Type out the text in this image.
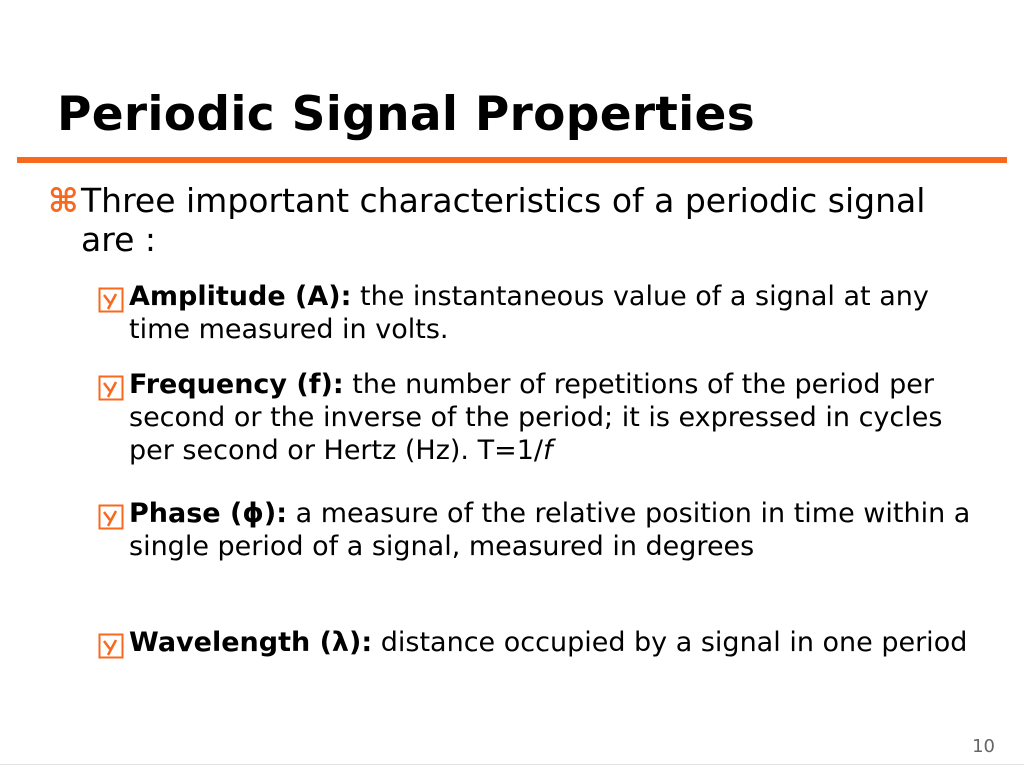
Periodic Signal Properties
⌘ Three important characteristics of a periodic signal are :
Amplitude (A): the instantaneous value of a signal at any time measured in volts.
Frequency (f): the number of repetitions of the period per second or the inverse of the period; it is expressed in cycles per second or Hertz (Hz). T=1/f
Phase (ϕ): a measure of the relative position in time within a single period of a signal, measured in degrees
Wavelength (λ): distance occupied by a signal in one period
10
